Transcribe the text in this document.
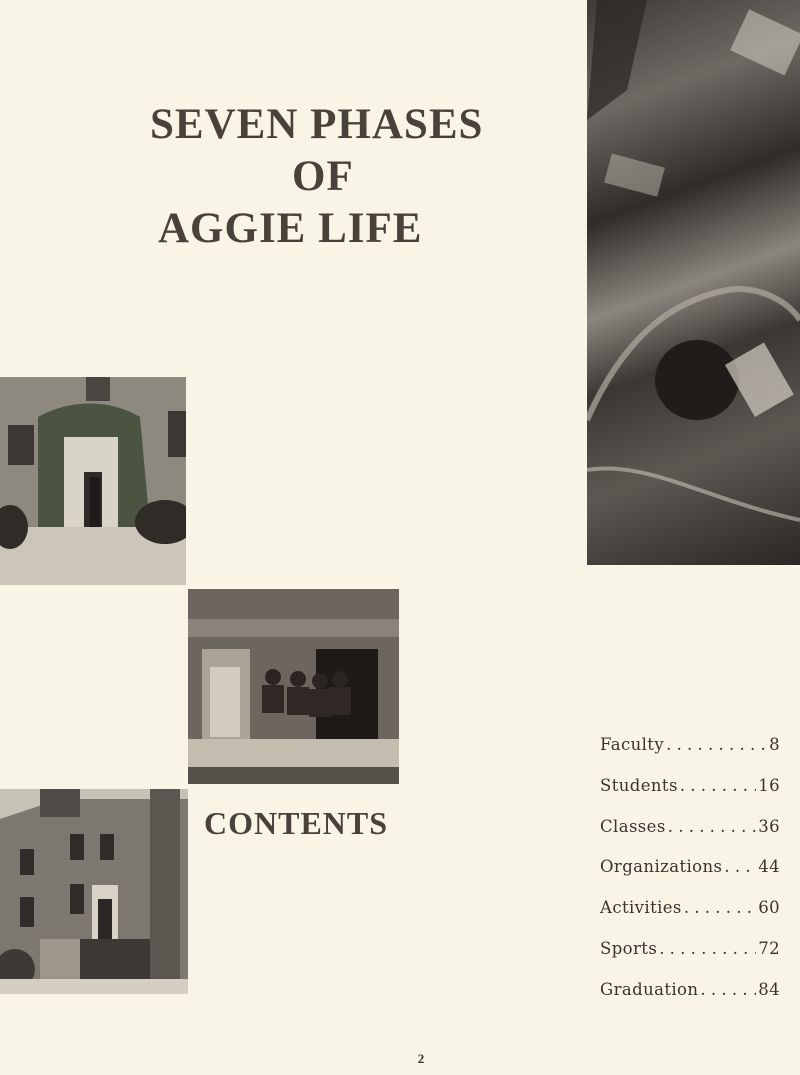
SEVEN PHASES
OF
AGGIE LIFE
CONTENTS
Faculty . . .	8
Students . . .	16
Classes . . .	36
Organizations . . . 44
Activities . . .	60
Sports . . .	72
Graduation . . .	84
2
